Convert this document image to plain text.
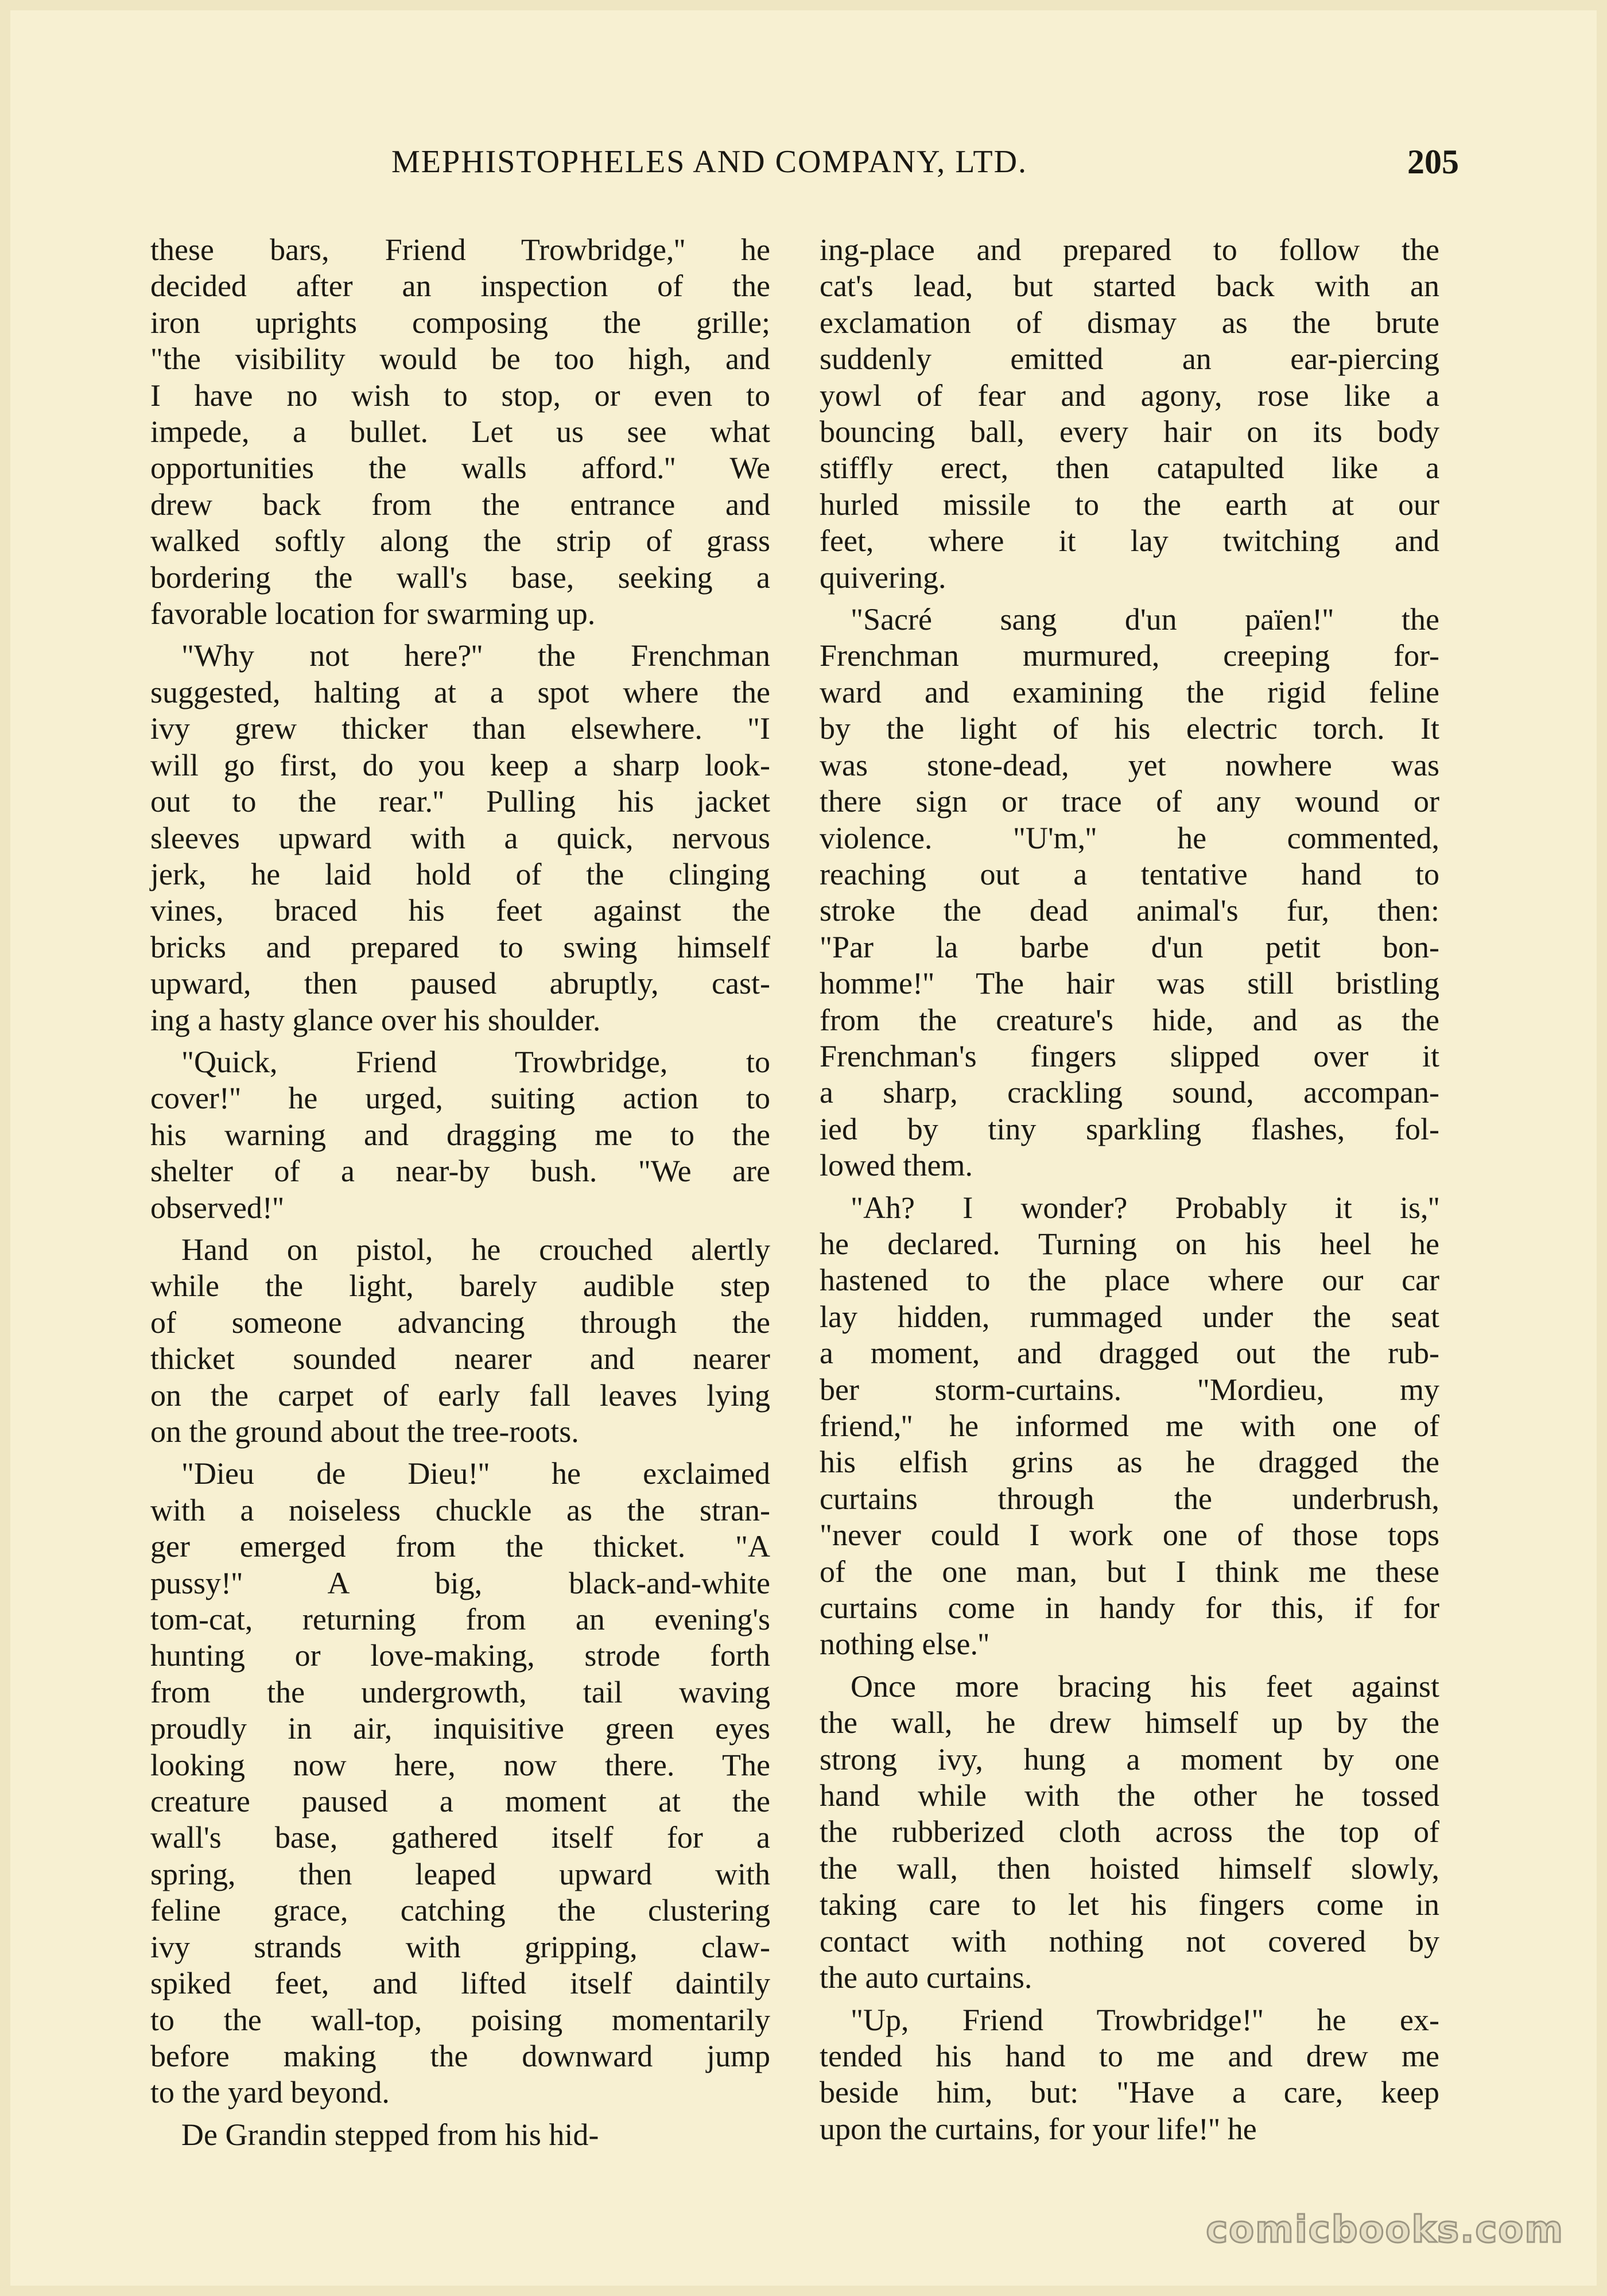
MEPHISTOPHELES AND COMPANY, LTD.	205

these bars, Friend Trowbridge,'' he
decided after an inspection of the
iron uprights composing the grille;
"the visibility would be too high, and
I have no wish to stop, or even to
impede, a bullet. Let us see what
opportunities the walls afford.'' We
drew back from the entrance and
walked softly along the strip of grass
bordering the wall's base, seeking a
favorable location for swarming up.

"Why not here?'' the Frenchman
suggested, halting at a spot where the
ivy grew thicker than elsewhere. "I
will go first, do you keep a sharp look-
out to the rear.'' Pulling his jacket
sleeves upward with a quick, nervous
jerk, he laid hold of the clinging
vines, braced his feet against the
bricks and prepared to swing himself
upward, then paused abruptly, cast-
ing a hasty glance over his shoulder.

"Quick, Friend Trowbridge, to
cover!'' he urged, suiting action to
his warning and dragging me to the
shelter of a near-by bush. "We are
observed!''

Hand on pistol, he crouched alertly
while the light, barely audible step
of someone advancing through the
thicket sounded nearer and nearer
on the carpet of early fall leaves lying
on the ground about the tree-roots.

"Dieu de Dieu!'' he exclaimed
with a noiseless chuckle as the stran-
ger emerged from the thicket. "A
pussy!'' A big, black-and-white
tom-cat, returning from an evening's
hunting or love-making, strode forth
from the undergrowth, tail waving
proudly in air, inquisitive green eyes
looking now here, now there. The
creature paused a moment at the
wall's base, gathered itself for a
spring, then leaped upward with
feline grace, catching the clustering
ivy strands with gripping, claw-
spiked feet, and lifted itself daintily
to the wall-top, poising momentarily
before making the downward jump
to the yard beyond.

De Grandin stepped from his hid-

ing-place and prepared to follow the
cat's lead, but started back with an
exclamation of dismay as the brute
suddenly emitted an ear-piercing
yowl of fear and agony, rose like a
bouncing ball, every hair on its body
stiffly erect, then catapulted like a
hurled missile to the earth at our
feet, where it lay twitching and
quivering.

"Sacré sang d'un païen!'' the
Frenchman murmured, creeping for-
ward and examining the rigid feline
by the light of his electric torch. It
was stone-dead, yet nowhere was
there sign or trace of any wound or
violence. "U'm,'' he commented,
reaching out a tentative hand to
stroke the dead animal's fur, then:
"Par la barbe d'un petit bon-
homme!'' The hair was still bristling
from the creature's hide, and as the
Frenchman's fingers slipped over it
a sharp, crackling sound, accompan-
ied by tiny sparkling flashes, fol-
lowed them.

"Ah? I wonder? Probably it is,''
he declared. Turning on his heel he
hastened to the place where our car
lay hidden, rummaged under the seat
a moment, and dragged out the rub-
ber storm-curtains. "Mordieu, my
friend,'' he informed me with one of
his elfish grins as he dragged the
curtains through the underbrush,
"never could I work one of those tops
of the one man, but I think me these
curtains come in handy for this, if for
nothing else.''

Once more bracing his feet against
the wall, he drew himself up by the
strong ivy, hung a moment by one
hand while with the other he tossed
the rubberized cloth across the top of
the wall, then hoisted himself slowly,
taking care to let his fingers come in
contact with nothing not covered by
the auto curtains.

"Up, Friend Trowbridge!'' he ex-
tended his hand to me and drew me
beside him, but: "Have a care, keep
upon the curtains, for your life!'' he

comicbooks.com
